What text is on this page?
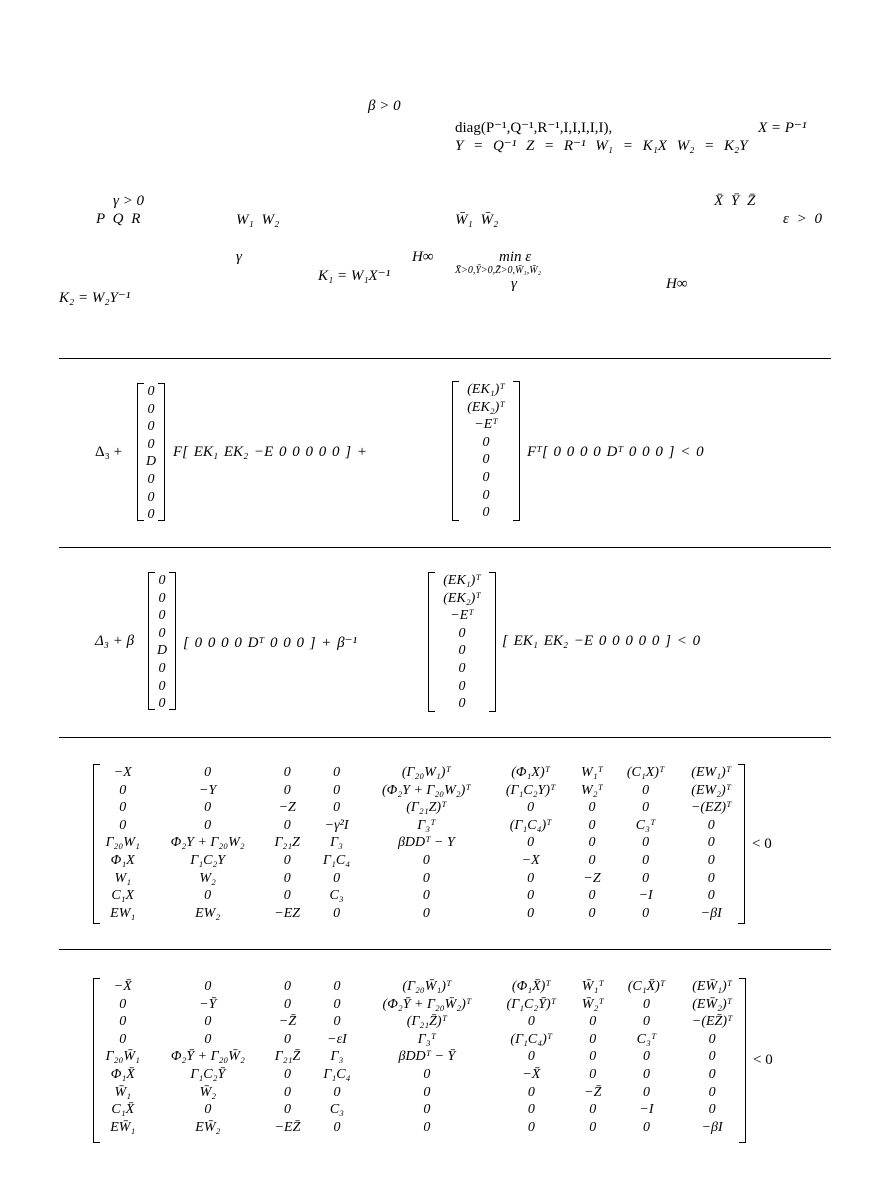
β > 0
diag(P⁻¹,Q⁻¹,R⁻¹,I,I,I,I,I),	X = P⁻¹
Y = Q⁻¹ Z = R⁻¹ W₁ = K₁X W₂ = K₂Y
γ > 0	X̄ Ȳ Z̄
P Q R	W₁ W₂	W̄₁ W̄₂	ε > 0
γ	H∞	min ε
X̄>0,Ȳ>0,Z̄>0,W̄₁,W̄₂
K₁ = W₁X⁻¹	γ	H∞
K₂ = W₂Y⁻¹
Δ₃ +
0
0
0
0
D
0
0
0
F[ EK₁ EK₂ −E 0 0 0 0 0 ] +
(EK₁)ᵀ
(EK₂)ᵀ
−Eᵀ
0
0
0
0
0
Fᵀ[ 0 0 0 0 Dᵀ 0 0 0 ] < 0
Δ₃ + β
0
0
0
0
D
0
0
0
[ 0 0 0 0 Dᵀ 0 0 0 ] + β⁻¹
(EK₁)ᵀ
(EK₂)ᵀ
−Eᵀ
0
0
0
0
0
[ EK₁ EK₂ −E 0 0 0 0 0 ] < 0
−X	0	0	0	(Γ₂₀W₁)ᵀ	(Φ₁X)ᵀ	W₁ᵀ	(C₁X)ᵀ	(EW₁)ᵀ
0	−Y	0	0	(Φ₂Y + Γ₂₀W₂)ᵀ	(Γ₁C₂Y)ᵀ	W₂ᵀ	0	(EW₂)ᵀ
0	0	−Z	0	(Γ₂₁Z)ᵀ	0	0	0	−(EZ)ᵀ
0	0	0	−γ²I	Γ₃ᵀ	(Γ₁C₄)ᵀ	0	C₃ᵀ	0
Γ₂₀W₁	Φ₂Y + Γ₂₀W₂	Γ₂₁Z	Γ₃	βDDᵀ − Y	0	0	0	0
Φ₁X	Γ₁C₂Y	0	Γ₁C₄	0	−X	0	0	0
W₁	W₂	0	0	0	0	−Z	0	0
C₁X	0	0	C₃	0	0	0	−I	0
EW₁	EW₂	−EZ	0	0	0	0	0	−βI
< 0
−X̄	0	0	0	(Γ₂₀W̄₁)ᵀ	(Φ₁X̄)ᵀ	W̄₁ᵀ	(C₁X̄)ᵀ	(EW̄₁)ᵀ
0	−Ȳ	0	0	(Φ₂Ȳ + Γ₂₀W̄₂)ᵀ	(Γ₁C₂Ȳ)ᵀ	W̄₂ᵀ	0	(EW̄₂)ᵀ
0	0	−Z̄	0	(Γ₂₁Z̄)ᵀ	0	0	0	−(EZ̄)ᵀ
0	0	0	−εI	Γ₃ᵀ	(Γ₁C₄)ᵀ	0	C₃ᵀ	0
Γ₂₀W̄₁	Φ₂Ȳ + Γ₂₀W̄₂	Γ₂₁Z̄	Γ₃	βDDᵀ − Ȳ	0	0	0	0
Φ₁X̄	Γ₁C₂Ȳ	0	Γ₁C₄	0	−X̄	0	0	0
W̄₁	W̄₂	0	0	0	0	−Z̄	0	0
C₁X̄	0	0	C₃	0	0	0	−I	0
EW̄₁	EW̄₂	−EZ̄	0	0	0	0	0	−βI
< 0
